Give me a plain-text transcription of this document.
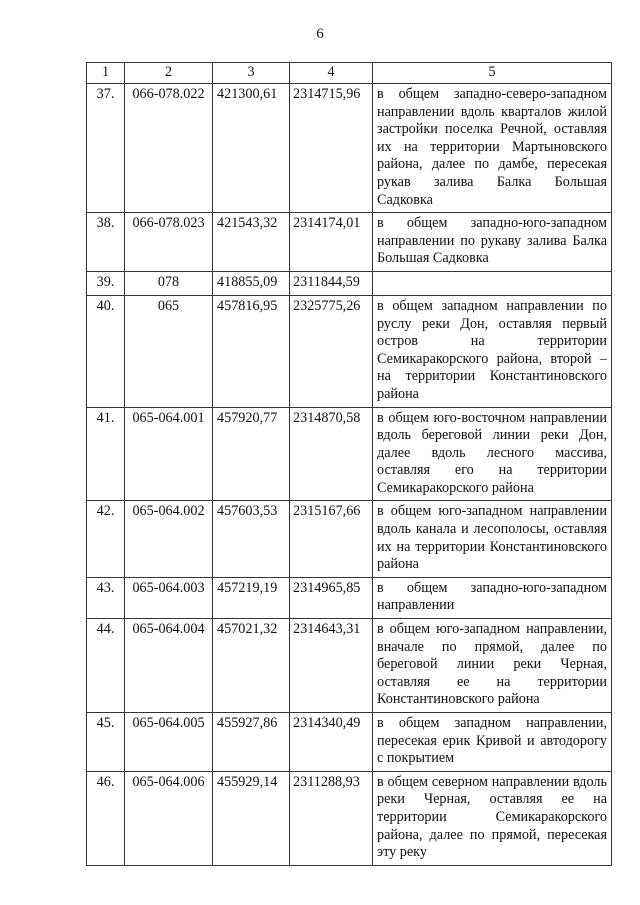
6
1	2	3	4	5
37.	066-078.022	421300,61	2314715,96	в общем западно-северо-западном направлении вдоль кварталов жилой застройки поселка Речной, оставляя их на территории Мартыновского района, далее по дамбе, пересекая рукав залива Балка Большая Садковка
38.	066-078.023	421543,32	2314174,01	в общем западно-юго-западном направлении по рукаву залива Балка Большая Садковка
39.	078	418855,09	2311844,59	
40.	065	457816,95	2325775,26	в общем западном направлении по руслу реки Дон, оставляя первый остров на территории Семикаракорского района, второй – на территории Константиновского района
41.	065-064.001	457920,77	2314870,58	в общем юго-восточном направлении вдоль береговой линии реки Дон, далее вдоль лесного массива, оставляя его на территории Семикаракорского района
42.	065-064.002	457603,53	2315167,66	в общем юго-западном направлении вдоль канала и лесополосы, оставляя их на территории Константиновского района
43.	065-064.003	457219,19	2314965,85	в общем западно-юго-западном направлении
44.	065-064.004	457021,32	2314643,31	в общем юго-западном направлении, вначале по прямой, далее по береговой линии реки Черная, оставляя ее на территории Константиновского района
45.	065-064.005	455927,86	2314340,49	в общем западном направлении, пересекая ерик Кривой и автодорогу с покрытием
46.	065-064.006	455929,14	2311288,93	в общем северном направлении вдоль реки Черная, оставляя ее на территории Семикаракорского района, далее по прямой, пересекая эту реку
